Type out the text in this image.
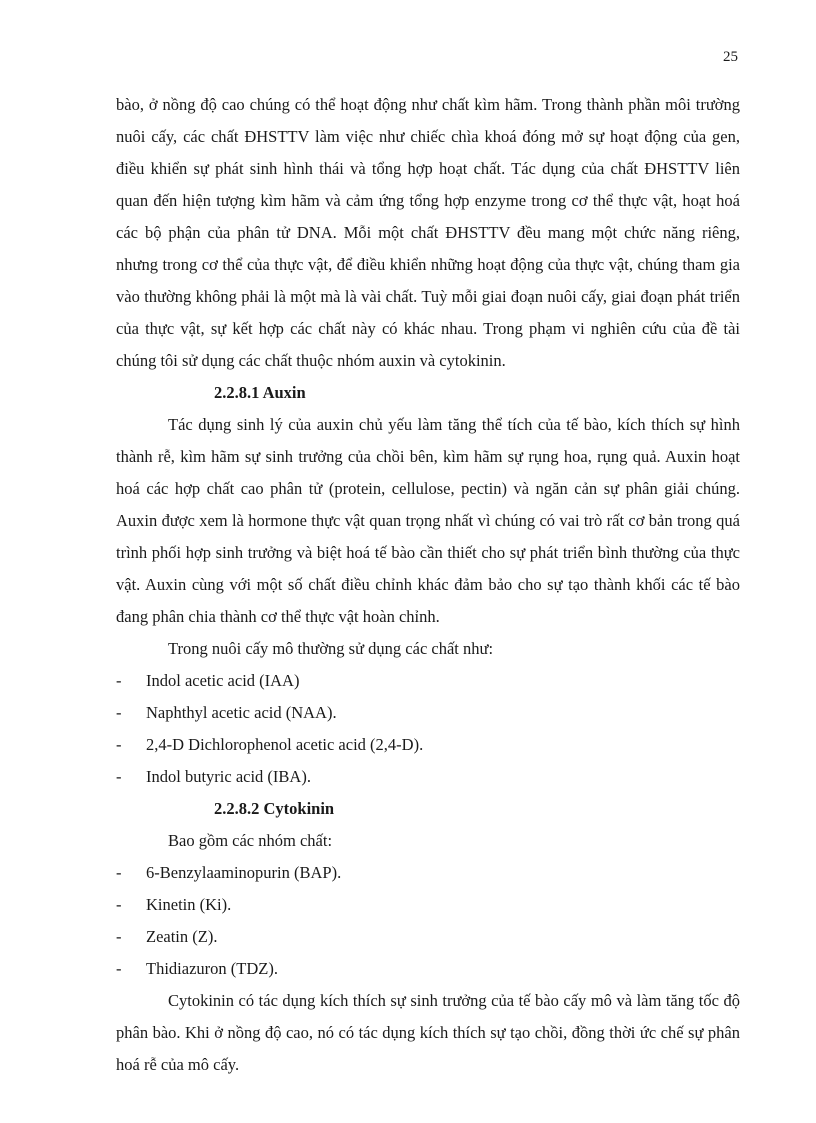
25

bào, ở nồng độ cao chúng có thể hoạt động như chất kìm hãm. Trong thành phần môi trường nuôi cấy, các chất ĐHSTTV làm việc như chiếc chìa khoá đóng mở sự hoạt động của gen, điều khiển sự phát sinh hình thái và tổng hợp hoạt chất. Tác dụng của chất ĐHSTTV liên quan đến hiện tượng kìm hãm và cảm ứng tổng hợp enzyme trong cơ thể thực vật, hoạt hoá các bộ phận của phân tử DNA. Mỗi một chất ĐHSTTV đều mang một chức năng riêng, nhưng trong cơ thể của thực vật, để điều khiển những hoạt động của thực vật, chúng tham gia vào thường không phải là một mà là vài chất. Tuỳ mỗi giai đoạn nuôi cấy, giai đoạn phát triển của thực vật, sự kết hợp các chất này có khác nhau. Trong phạm vi nghiên cứu của đề tài chúng tôi sử dụng các chất thuộc nhóm auxin và cytokinin.

2.2.8.1 Auxin

Tác dụng sinh lý của auxin chủ yếu làm tăng thể tích của tế bào, kích thích sự hình thành rễ, kìm hãm sự sinh trưởng của chồi bên, kìm hãm sự rụng hoa, rụng quả. Auxin hoạt hoá các hợp chất cao phân tử (protein, cellulose, pectin) và ngăn cản sự phân giải chúng. Auxin được xem là hormone thực vật quan trọng nhất vì chúng có vai trò rất cơ bản trong quá trình phối hợp sinh trưởng và biệt hoá tế bào cần thiết cho sự phát triển bình thường của thực vật. Auxin cùng với một số chất điều chỉnh khác đảm bảo cho sự tạo thành khối các tế bào đang phân chia thành cơ thể thực vật hoàn chỉnh.

Trong nuôi cấy mô thường sử dụng các chất như:

- Indol acetic acid (IAA)
- Naphthyl acetic acid (NAA).
- 2,4-D Dichlorophenol acetic acid (2,4-D).
- Indol butyric acid (IBA).

2.2.8.2 Cytokinin

Bao gồm các nhóm chất:

- 6-Benzylaaminopurin (BAP).
- Kinetin (Ki).
- Zeatin (Z).
- Thidiazuron (TDZ).

Cytokinin có tác dụng kích thích sự sinh trưởng của tế bào cấy mô và làm tăng tốc độ phân bào. Khi ở nồng độ cao, nó có tác dụng kích thích sự tạo chồi, đồng thời ức chế sự phân hoá rễ của mô cấy.
